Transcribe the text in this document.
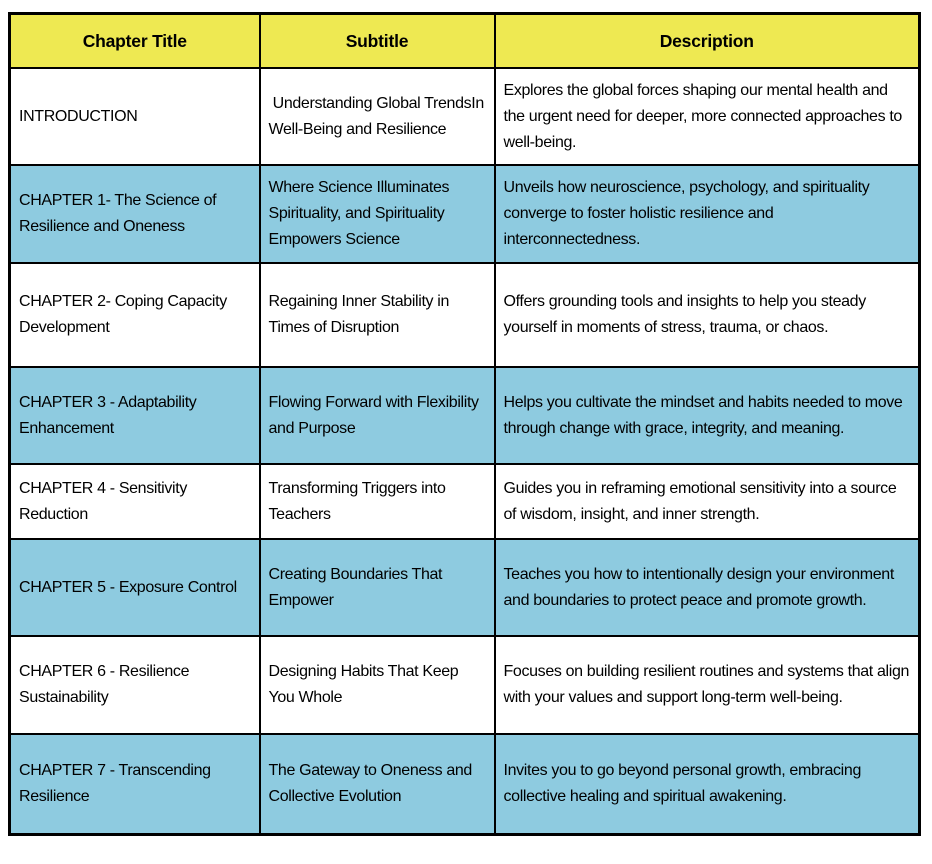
Chapter Title	Subtitle	Description
INTRODUCTION	Understanding Global TrendsIn Well-Being and Resilience	Explores the global forces shaping our mental health and the urgent need for deeper, more connected approaches to well-being.
CHAPTER 1- The Science of Resilience and Oneness	Where Science Illuminates Spirituality, and Spirituality Empowers Science	Unveils how neuroscience, psychology, and spirituality converge to foster holistic resilience and interconnectedness.
CHAPTER 2- Coping Capacity Development	Regaining Inner Stability in Times of Disruption	Offers grounding tools and insights to help you steady yourself in moments of stress, trauma, or chaos.
CHAPTER 3 - Adaptability Enhancement	Flowing Forward with Flexibility and Purpose	Helps you cultivate the mindset and habits needed to move through change with grace, integrity, and meaning.
CHAPTER 4 - Sensitivity Reduction	Transforming Triggers into Teachers	Guides you in reframing emotional sensitivity into a source of wisdom, insight, and inner strength.
CHAPTER 5 - Exposure Control	Creating Boundaries That Empower	Teaches you how to intentionally design your environment and boundaries to protect peace and promote growth.
CHAPTER 6 - Resilience Sustainability	Designing Habits That Keep You Whole	Focuses on building resilient routines and systems that align with your values and support long-term well-being.
CHAPTER 7 - Transcending Resilience	The Gateway to Oneness and Collective Evolution	Invites you to go beyond personal growth, embracing collective healing and spiritual awakening.
